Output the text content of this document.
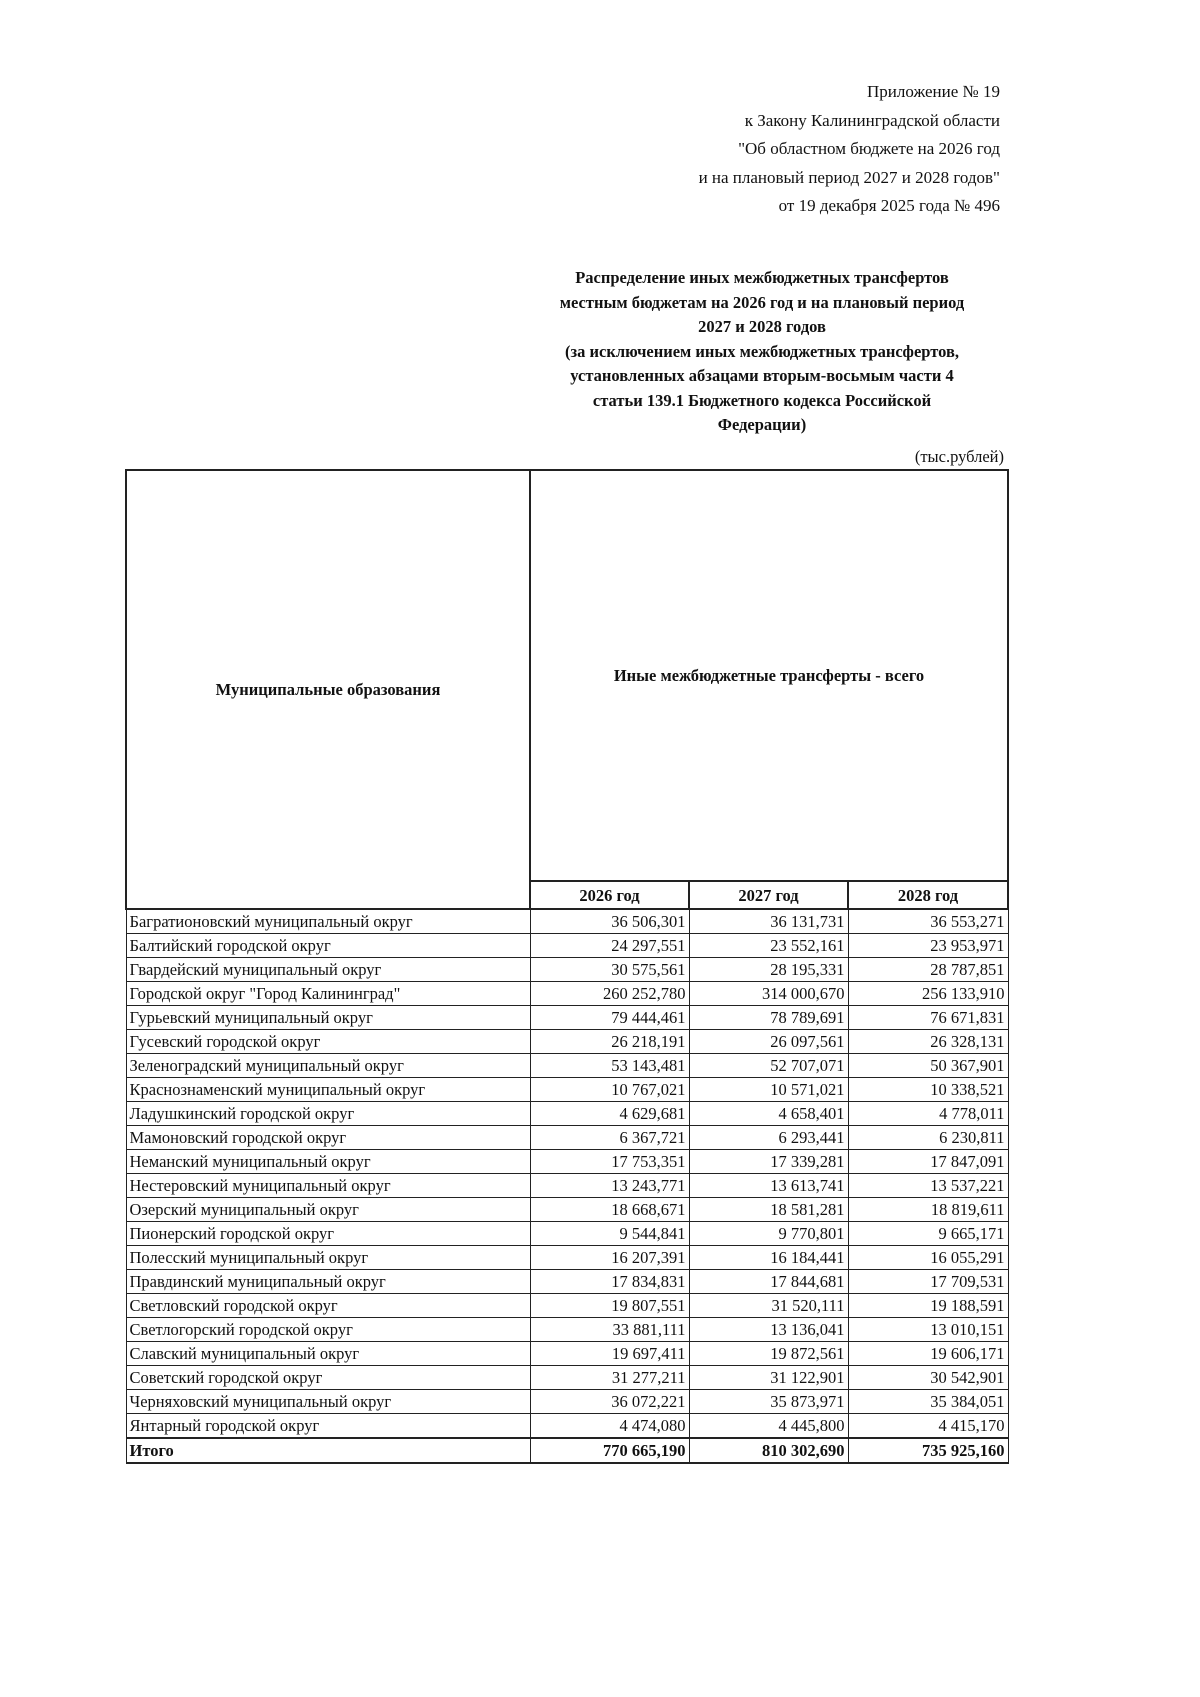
Приложение № 19
к Закону Калининградской области
"Об областном бюджете на 2026 год
и на плановый период 2027 и 2028 годов"
от 19 декабря 2025 года № 496
Распределение иных межбюджетных трансфертов
местным бюджетам на 2026 год и на плановый период
2027 и 2028 годов
(за исключением иных межбюджетных трансфертов,
установленных абзацами вторым-восьмым части 4
статьи 139.1 Бюджетного кодекса Российской
Федерации)
(тыс.рублей)
Муниципальные образования	Иные межбюджетные трансферты - всего		
	2026 год	2027 год	2028 год
Багратионовский муниципальный округ	36 506,301	36 131,731	36 553,271
Балтийский городской округ	24 297,551	23 552,161	23 953,971
Гвардейский муниципальный округ	30 575,561	28 195,331	28 787,851
Городской округ "Город Калининград"	260 252,780	314 000,670	256 133,910
Гурьевский муниципальный округ	79 444,461	78 789,691	76 671,831
Гусевский городской округ	26 218,191	26 097,561	26 328,131
Зеленоградский муниципальный округ	53 143,481	52 707,071	50 367,901
Краснознаменский муниципальный округ	10 767,021	10 571,021	10 338,521
Ладушкинский городской округ	4 629,681	4 658,401	4 778,011
Мамоновский городской округ	6 367,721	6 293,441	6 230,811
Неманский муниципальный округ	17 753,351	17 339,281	17 847,091
Нестеровский муниципальный округ	13 243,771	13 613,741	13 537,221
Озерский муниципальный округ	18 668,671	18 581,281	18 819,611
Пионерский городской округ	9 544,841	9 770,801	9 665,171
Полесский муниципальный округ	16 207,391	16 184,441	16 055,291
Правдинский муниципальный округ	17 834,831	17 844,681	17 709,531
Светловский городской округ	19 807,551	31 520,111	19 188,591
Светлогорский городской округ	33 881,111	13 136,041	13 010,151
Славский муниципальный округ	19 697,411	19 872,561	19 606,171
Советский городской округ	31 277,211	31 122,901	30 542,901
Черняховский муниципальный округ	36 072,221	35 873,971	35 384,051
Янтарный городской округ	4 474,080	4 445,800	4 415,170
Итого	770 665,190	810 302,690	735 925,160
